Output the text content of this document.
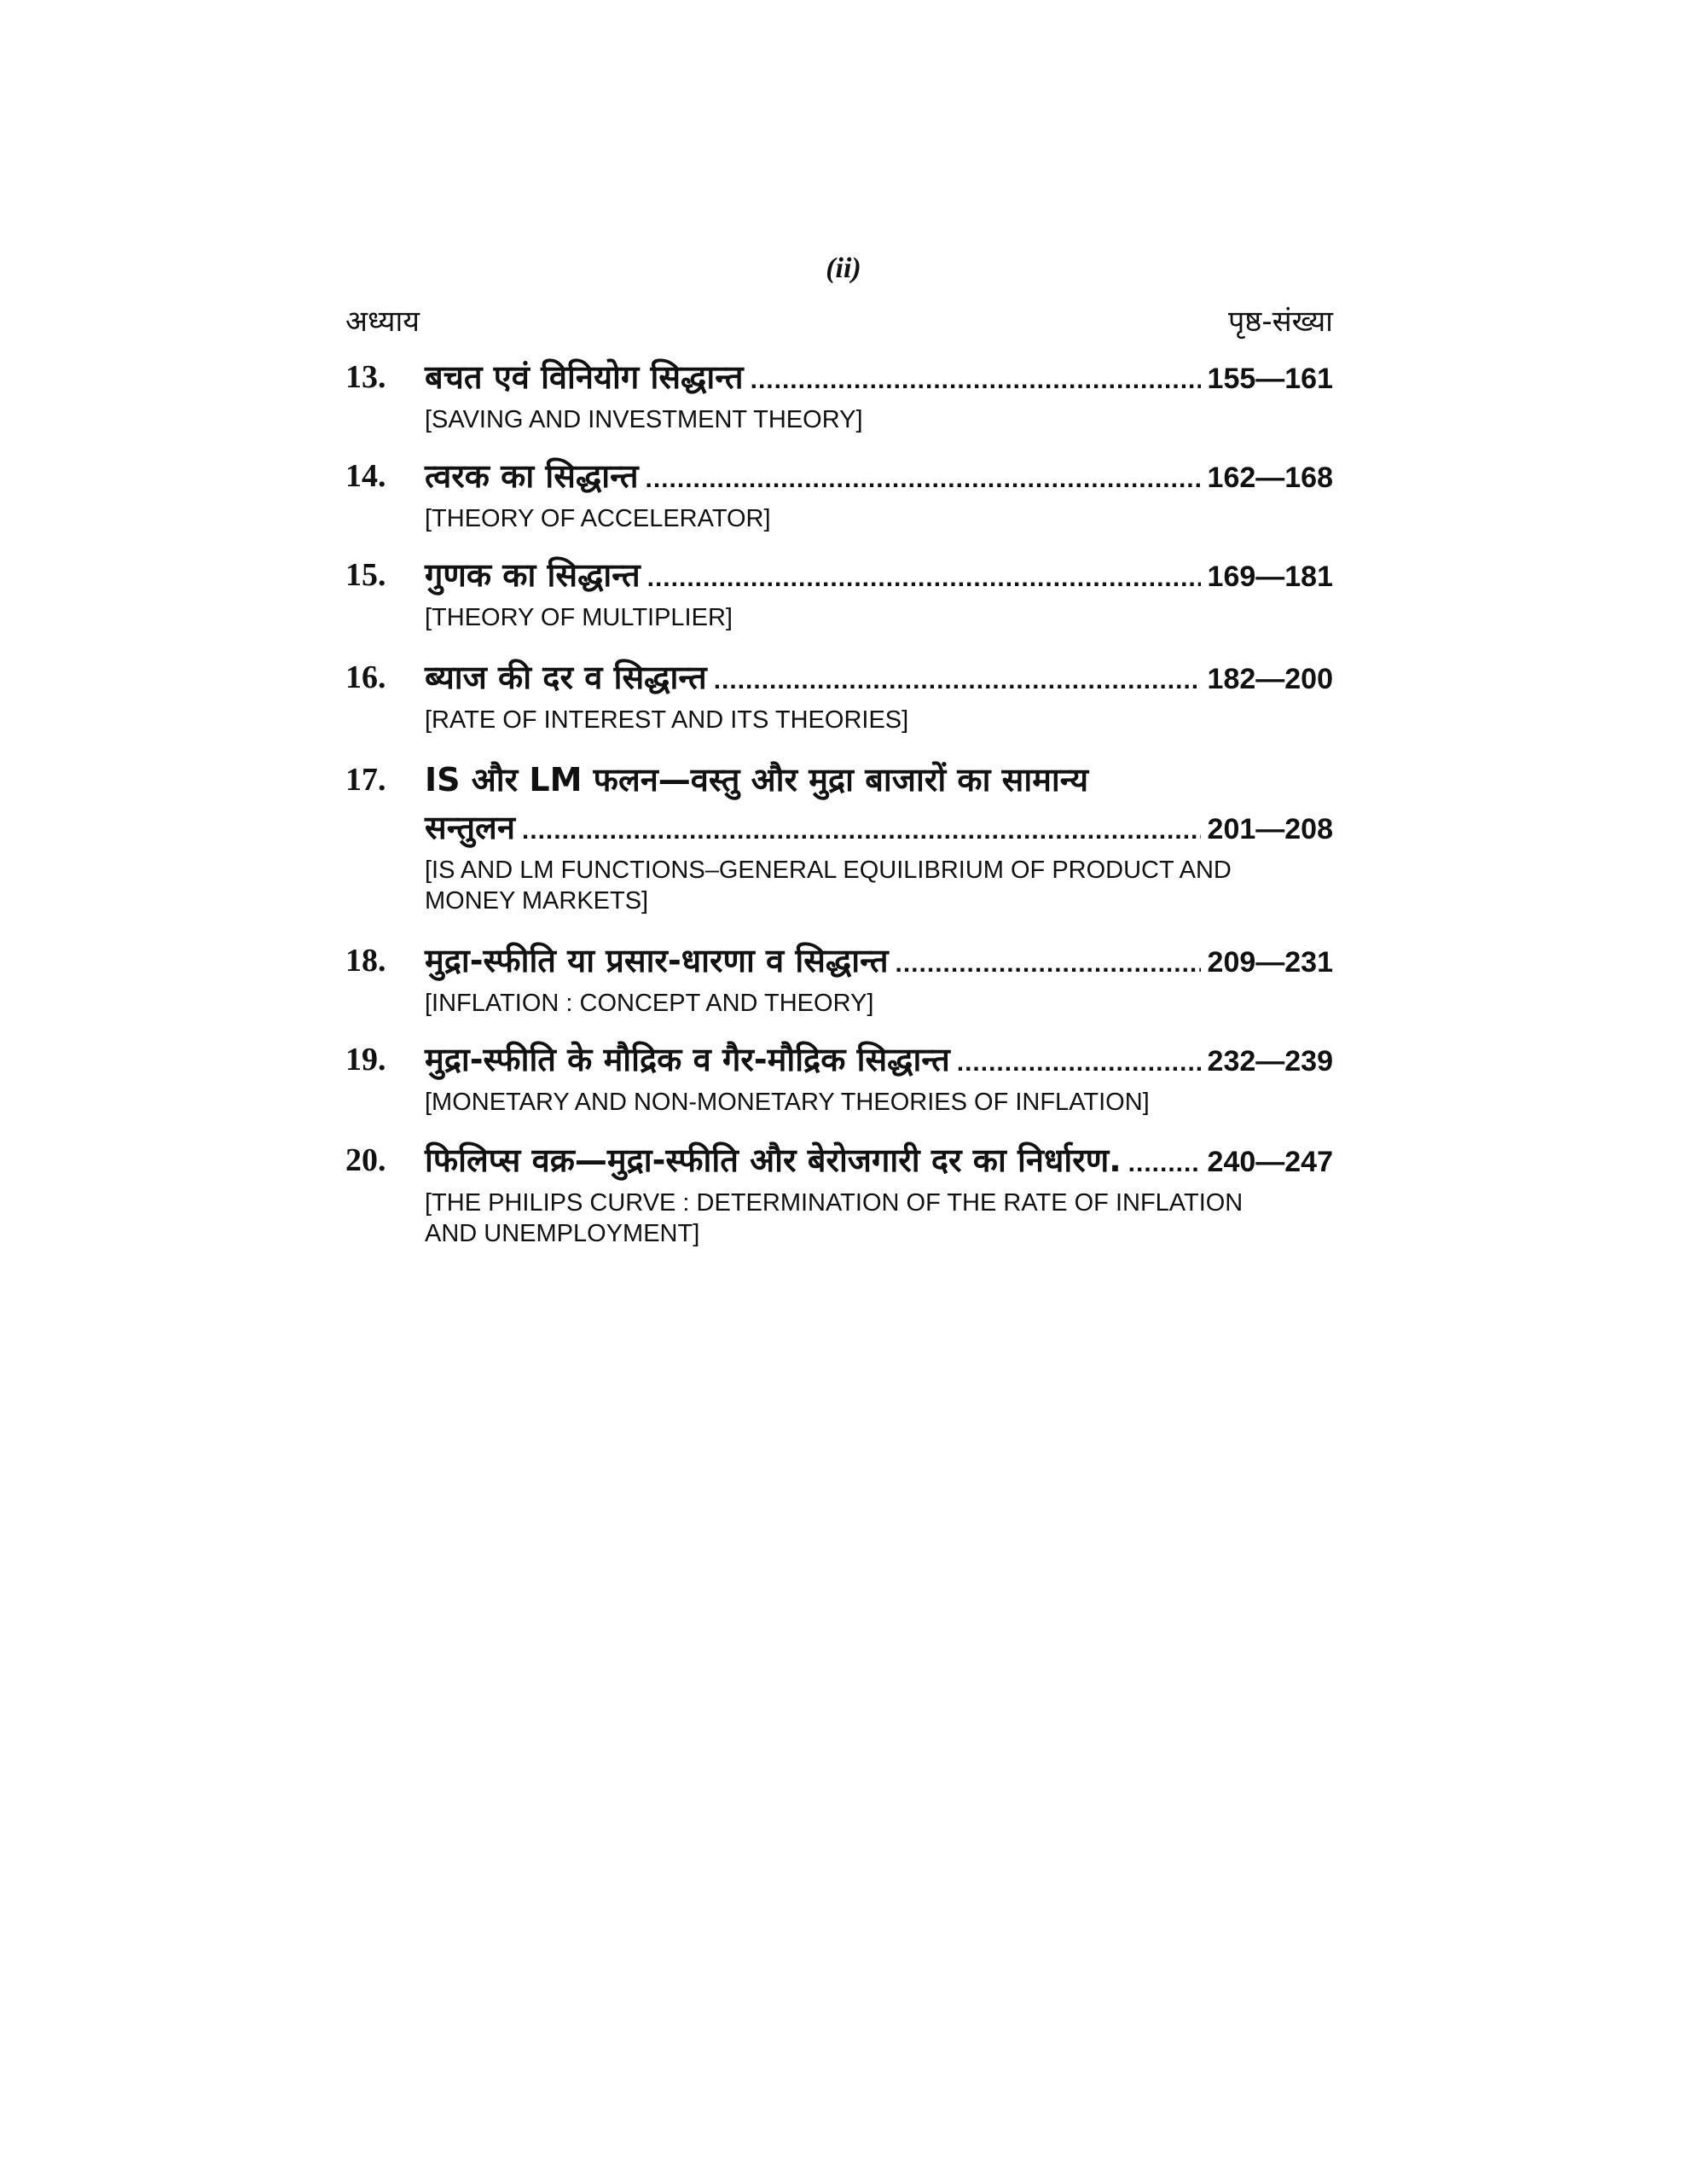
(ii)
अध्याय	पृष्ठ-संख्या
13.	बचत एवं विनियोग सिद्धान्त .....	155—161
[SAVING AND INVESTMENT THEORY]
14.	त्वरक का सिद्धान्त .....	162—168
[THEORY OF ACCELERATOR]
15.	गुणक का सिद्धान्त .....	169—181
[THEORY OF MULTIPLIER]
16.	ब्याज की दर व सिद्धान्त .....	182—200
[RATE OF INTEREST AND ITS THEORIES]
17.	IS और LM फलन—वस्तु और मुद्रा बाजारों का सामान्य
सन्तुलन .....	201—208
[IS AND LM FUNCTIONS–GENERAL EQUILIBRIUM OF PRODUCT AND MONEY MARKETS]
18.	मुद्रा-स्फीति या प्रसार-धारणा व सिद्धान्त .....	209—231
[INFLATION : CONCEPT AND THEORY]
19.	मुद्रा-स्फीति के मौद्रिक व गैर-मौद्रिक सिद्धान्त .....	232—239
[MONETARY AND NON-MONETARY THEORIES OF INFLATION]
20.	फिलिप्स वक्र—मुद्रा-स्फीति और बेरोजगारी दर का निर्धारण. .....	240—247
[THE PHILIPS CURVE : DETERMINATION OF THE RATE OF INFLATION AND UNEMPLOYMENT]
